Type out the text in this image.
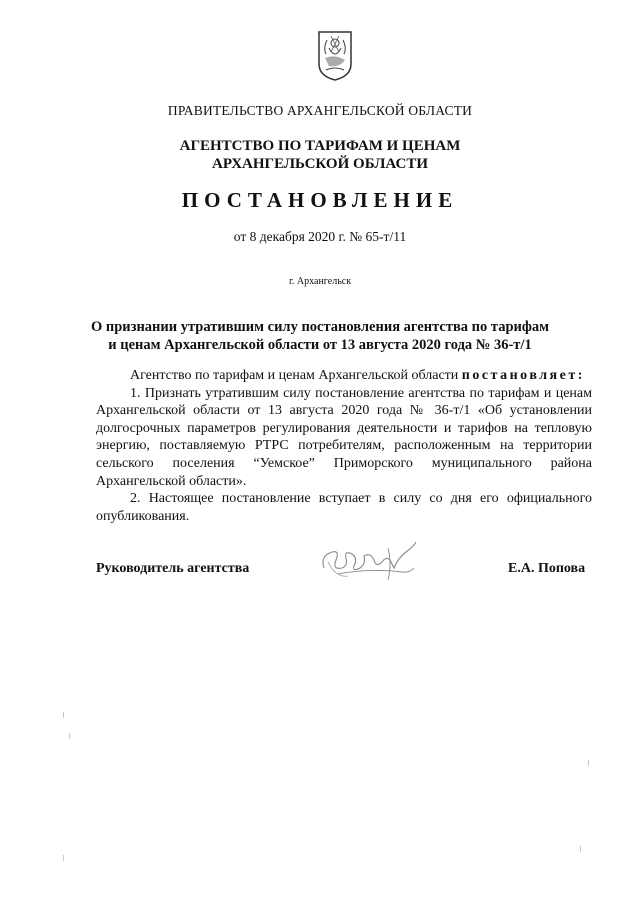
ПРАВИТЕЛЬСТВО АРХАНГЕЛЬСКОЙ ОБЛАСТИ
АГЕНТСТВО ПО ТАРИФАМ И ЦЕНАМ
АРХАНГЕЛЬСКОЙ ОБЛАСТИ
ПОСТАНОВЛЕНИЕ
от 8 декабря 2020 г. № 65-т/11
г. Архангельск
О признании утратившим силу постановления агентства по тарифам
и ценам Архангельской области от 13 августа 2020 года № 36-т/1

Агентство по тарифам и ценам Архангельской области постановляет:

1. Признать утратившим силу постановление агентства по тарифам и ценам Архангельской области от 13 августа 2020 года № 36-т/1 «Об установлении долгосрочных параметров регулирования деятельности и тарифов на тепловую энергию, поставляемую РТРС потребителям, расположенным на территории сельского поселения “Уемское” Приморского муниципального района Архангельской области».

2. Настоящее постановление вступает в силу со дня его официального опубликования.

Руководитель агентства	Е.А. Попова
